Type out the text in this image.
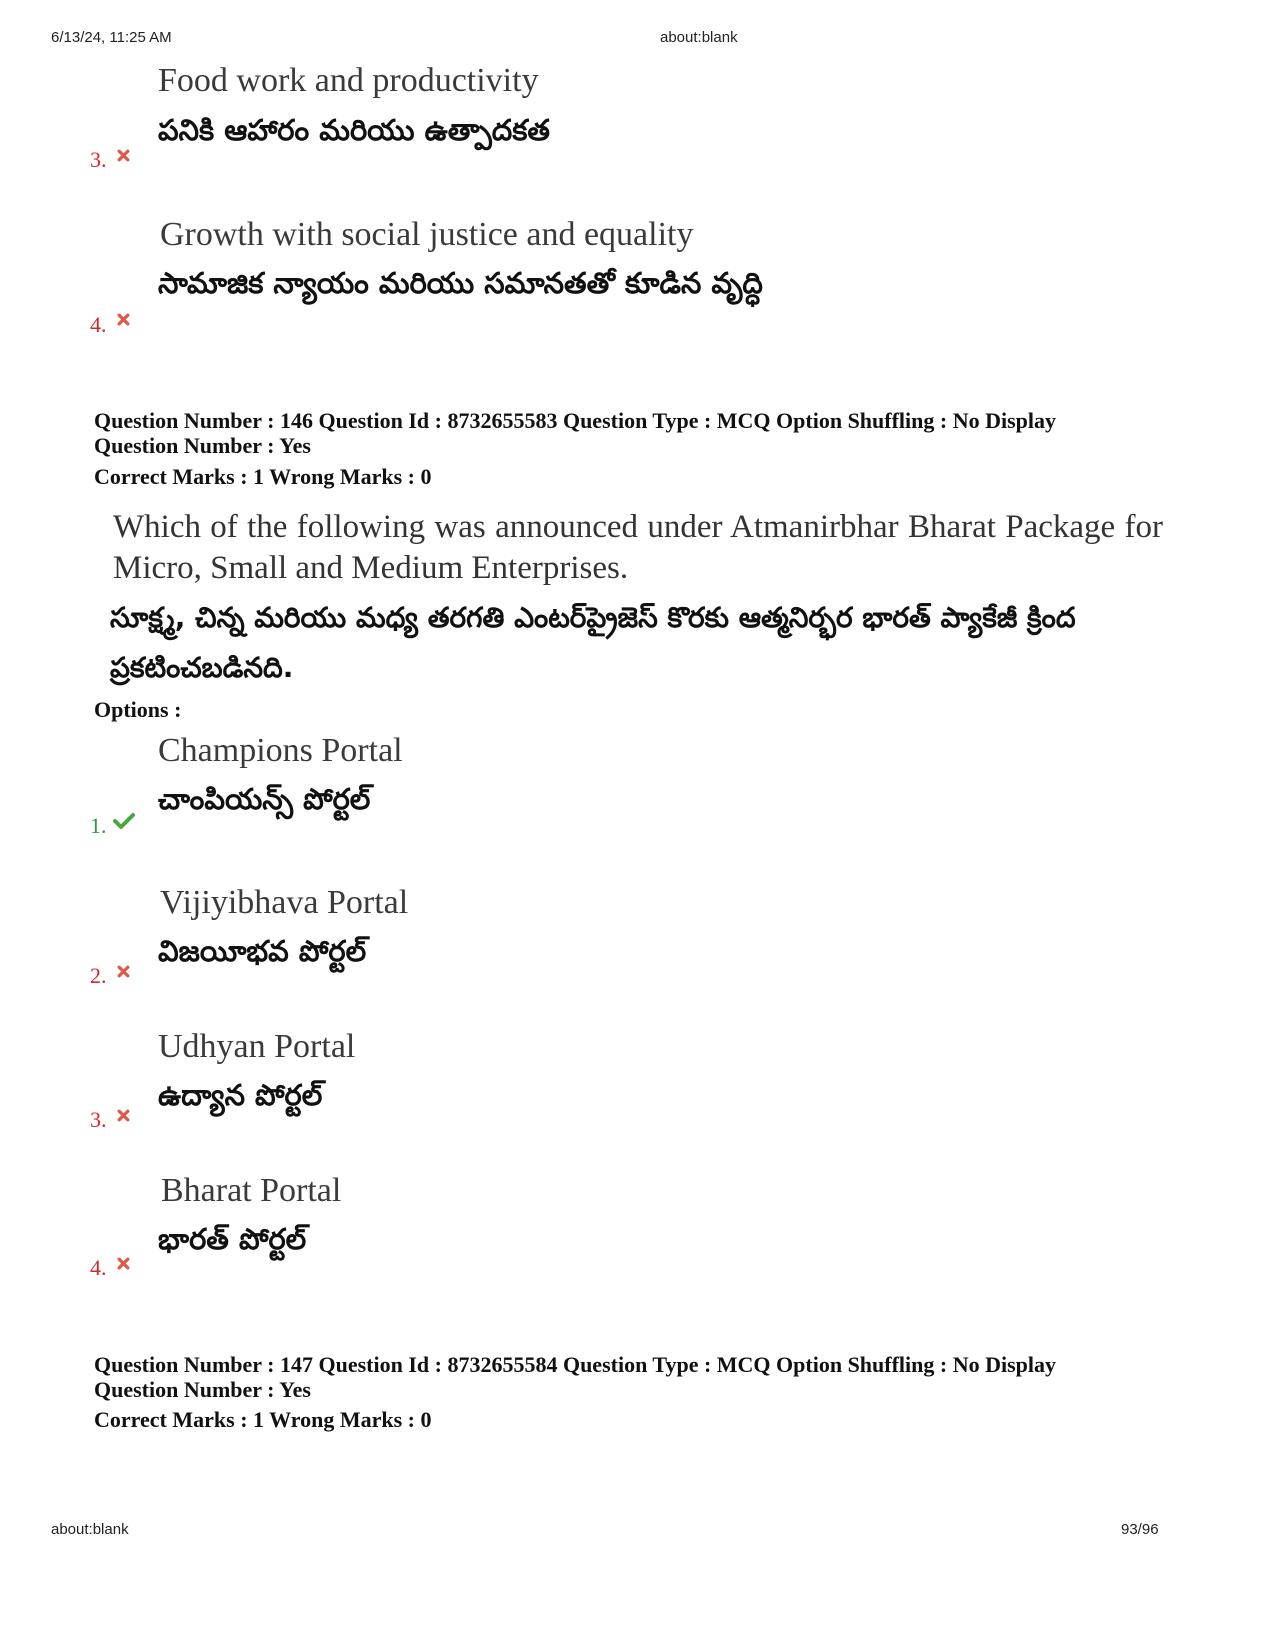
6/13/24, 11:25 AM	about:blank
Food work and productivity
పనికి ఆహారం మరియు ఉత్పాదకత
3.
Growth with social justice and equality
సామాజిక న్యాయం మరియు సమానతతో కూడిన వృద్ధి
4.
Question Number : 146 Question Id : 8732655583 Question Type : MCQ Option Shuffling : No Display
Question Number : Yes
Correct Marks : 1 Wrong Marks : 0
Which of the following was announced under Atmanirbhar Bharat Package for Micro, Small and Medium Enterprises.
సూక్ష్మ, చిన్న మరియు మధ్య తరగతి ఎంటర్‌ప్రైజెస్ కొరకు ఆత్మనిర్భర భారత్ ప్యాకేజీ క్రింద ప్రకటించబడినది.
Options :
Champions Portal
చాంపియన్స్ పోర్టల్
1.
Vijiyibhava Portal
విజయీభవ పోర్టల్
2.
Udhyan Portal
ఉద్యాన పోర్టల్
3.
Bharat Portal
భారత్ పోర్టల్
4.
Question Number : 147 Question Id : 8732655584 Question Type : MCQ Option Shuffling : No Display
Question Number : Yes
Correct Marks : 1 Wrong Marks : 0
about:blank	93/96
